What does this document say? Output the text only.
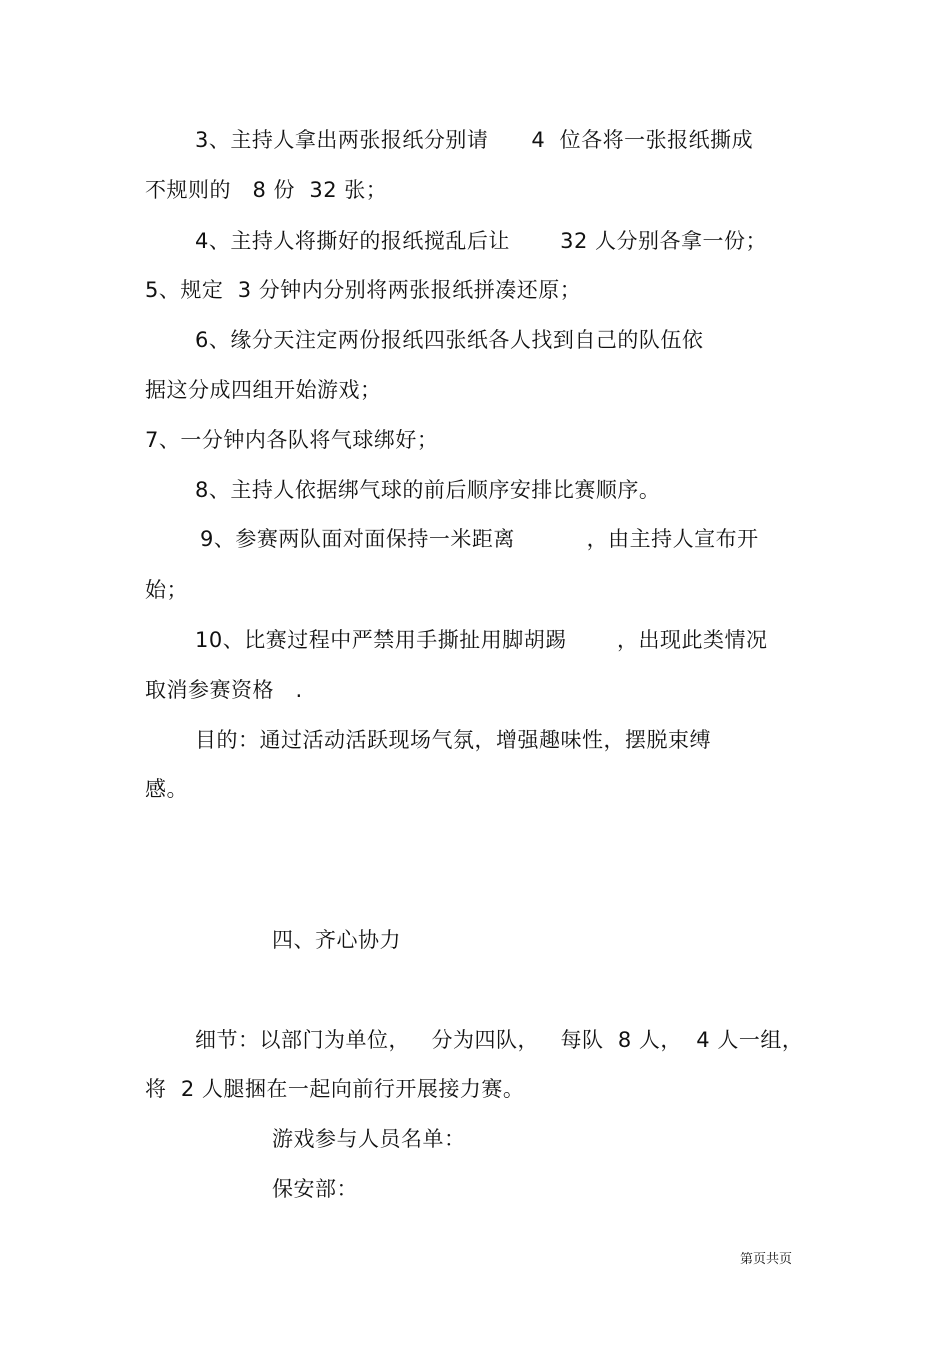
3、主持人拿出两张报纸分别请      4  位各将一张报纸撕成
不规则的   8 份  32 张；
4、主持人将撕好的报纸搅乱后让       32 人分别各拿一份；
5、规定  3 分钟内分别将两张报纸拼凑还原；
6、缘分天注定两份报纸四张纸各人找到自己的队伍依
据这分成四组开始游戏；
7、一分钟内各队将气球绑好；
8、主持人依据绑气球的前后顺序安排比赛顺序。
9、参赛两队面对面保持一米距离          ，由主持人宣布开
始；
10、比赛过程中严禁用手撕扯用脚胡踢       ，出现此类情况
取消参赛资格   .
目的：通过活动活跃现场气氛，增强趣味性，摆脱束缚
感。
四、齐心协力
细节：以部门为单位，   分为四队，   每队  8 人，  4 人一组，
将  2 人腿捆在一起向前行开展接力赛。
游戏参与人员名单：
保安部：
第页共页
